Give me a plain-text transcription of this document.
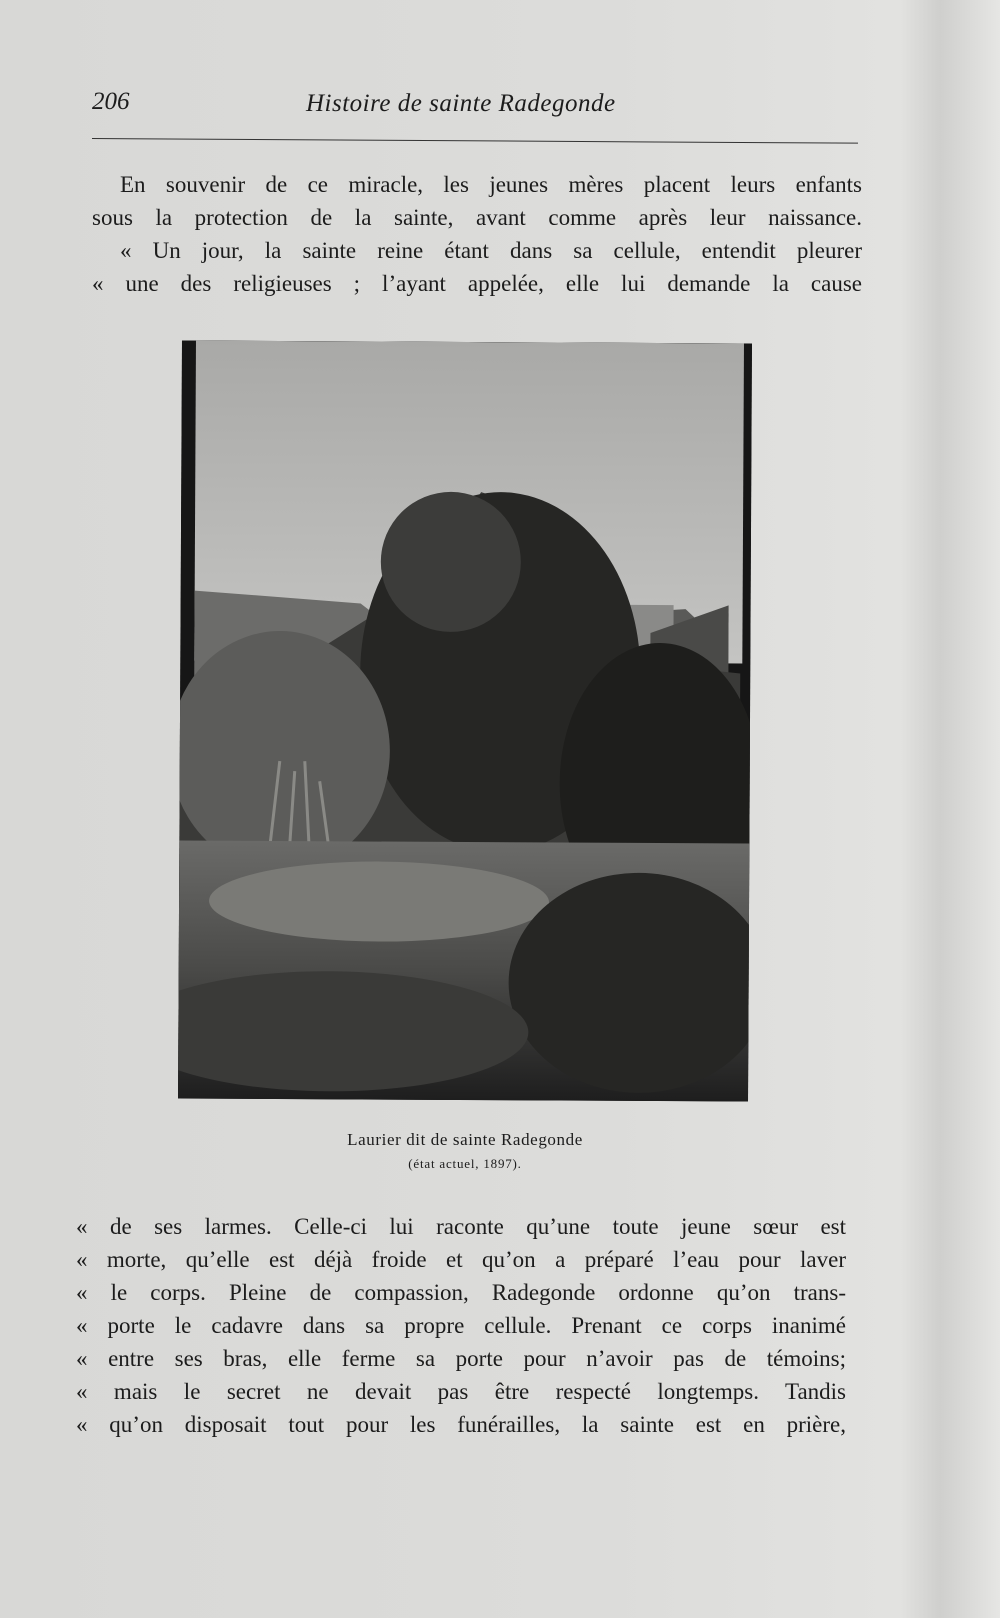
206	Histoire de sainte Radegonde
En souvenir de ce miracle, les jeunes mères placent leurs enfants
sous la protection de la sainte, avant comme après leur naissance.
« Un jour, la sainte reine étant dans sa cellule, entendit pleurer
« une des religieuses ; l’ayant appelée, elle lui demande la cause
Laurier dit de sainte Radegonde
(état actuel, 1897).
« de ses larmes. Celle-ci lui raconte qu’une toute jeune sœur est
« morte, qu’elle est déjà froide et qu’on a préparé l’eau pour laver
« le corps. Pleine de compassion, Radegonde ordonne qu’on trans-
« porte le cadavre dans sa propre cellule. Prenant ce corps inanimé
« entre ses bras, elle ferme sa porte pour n’avoir pas de témoins;
« mais le secret ne devait pas être respecté longtemps. Tandis
« qu’on disposait tout pour les funérailles, la sainte est en prière,
